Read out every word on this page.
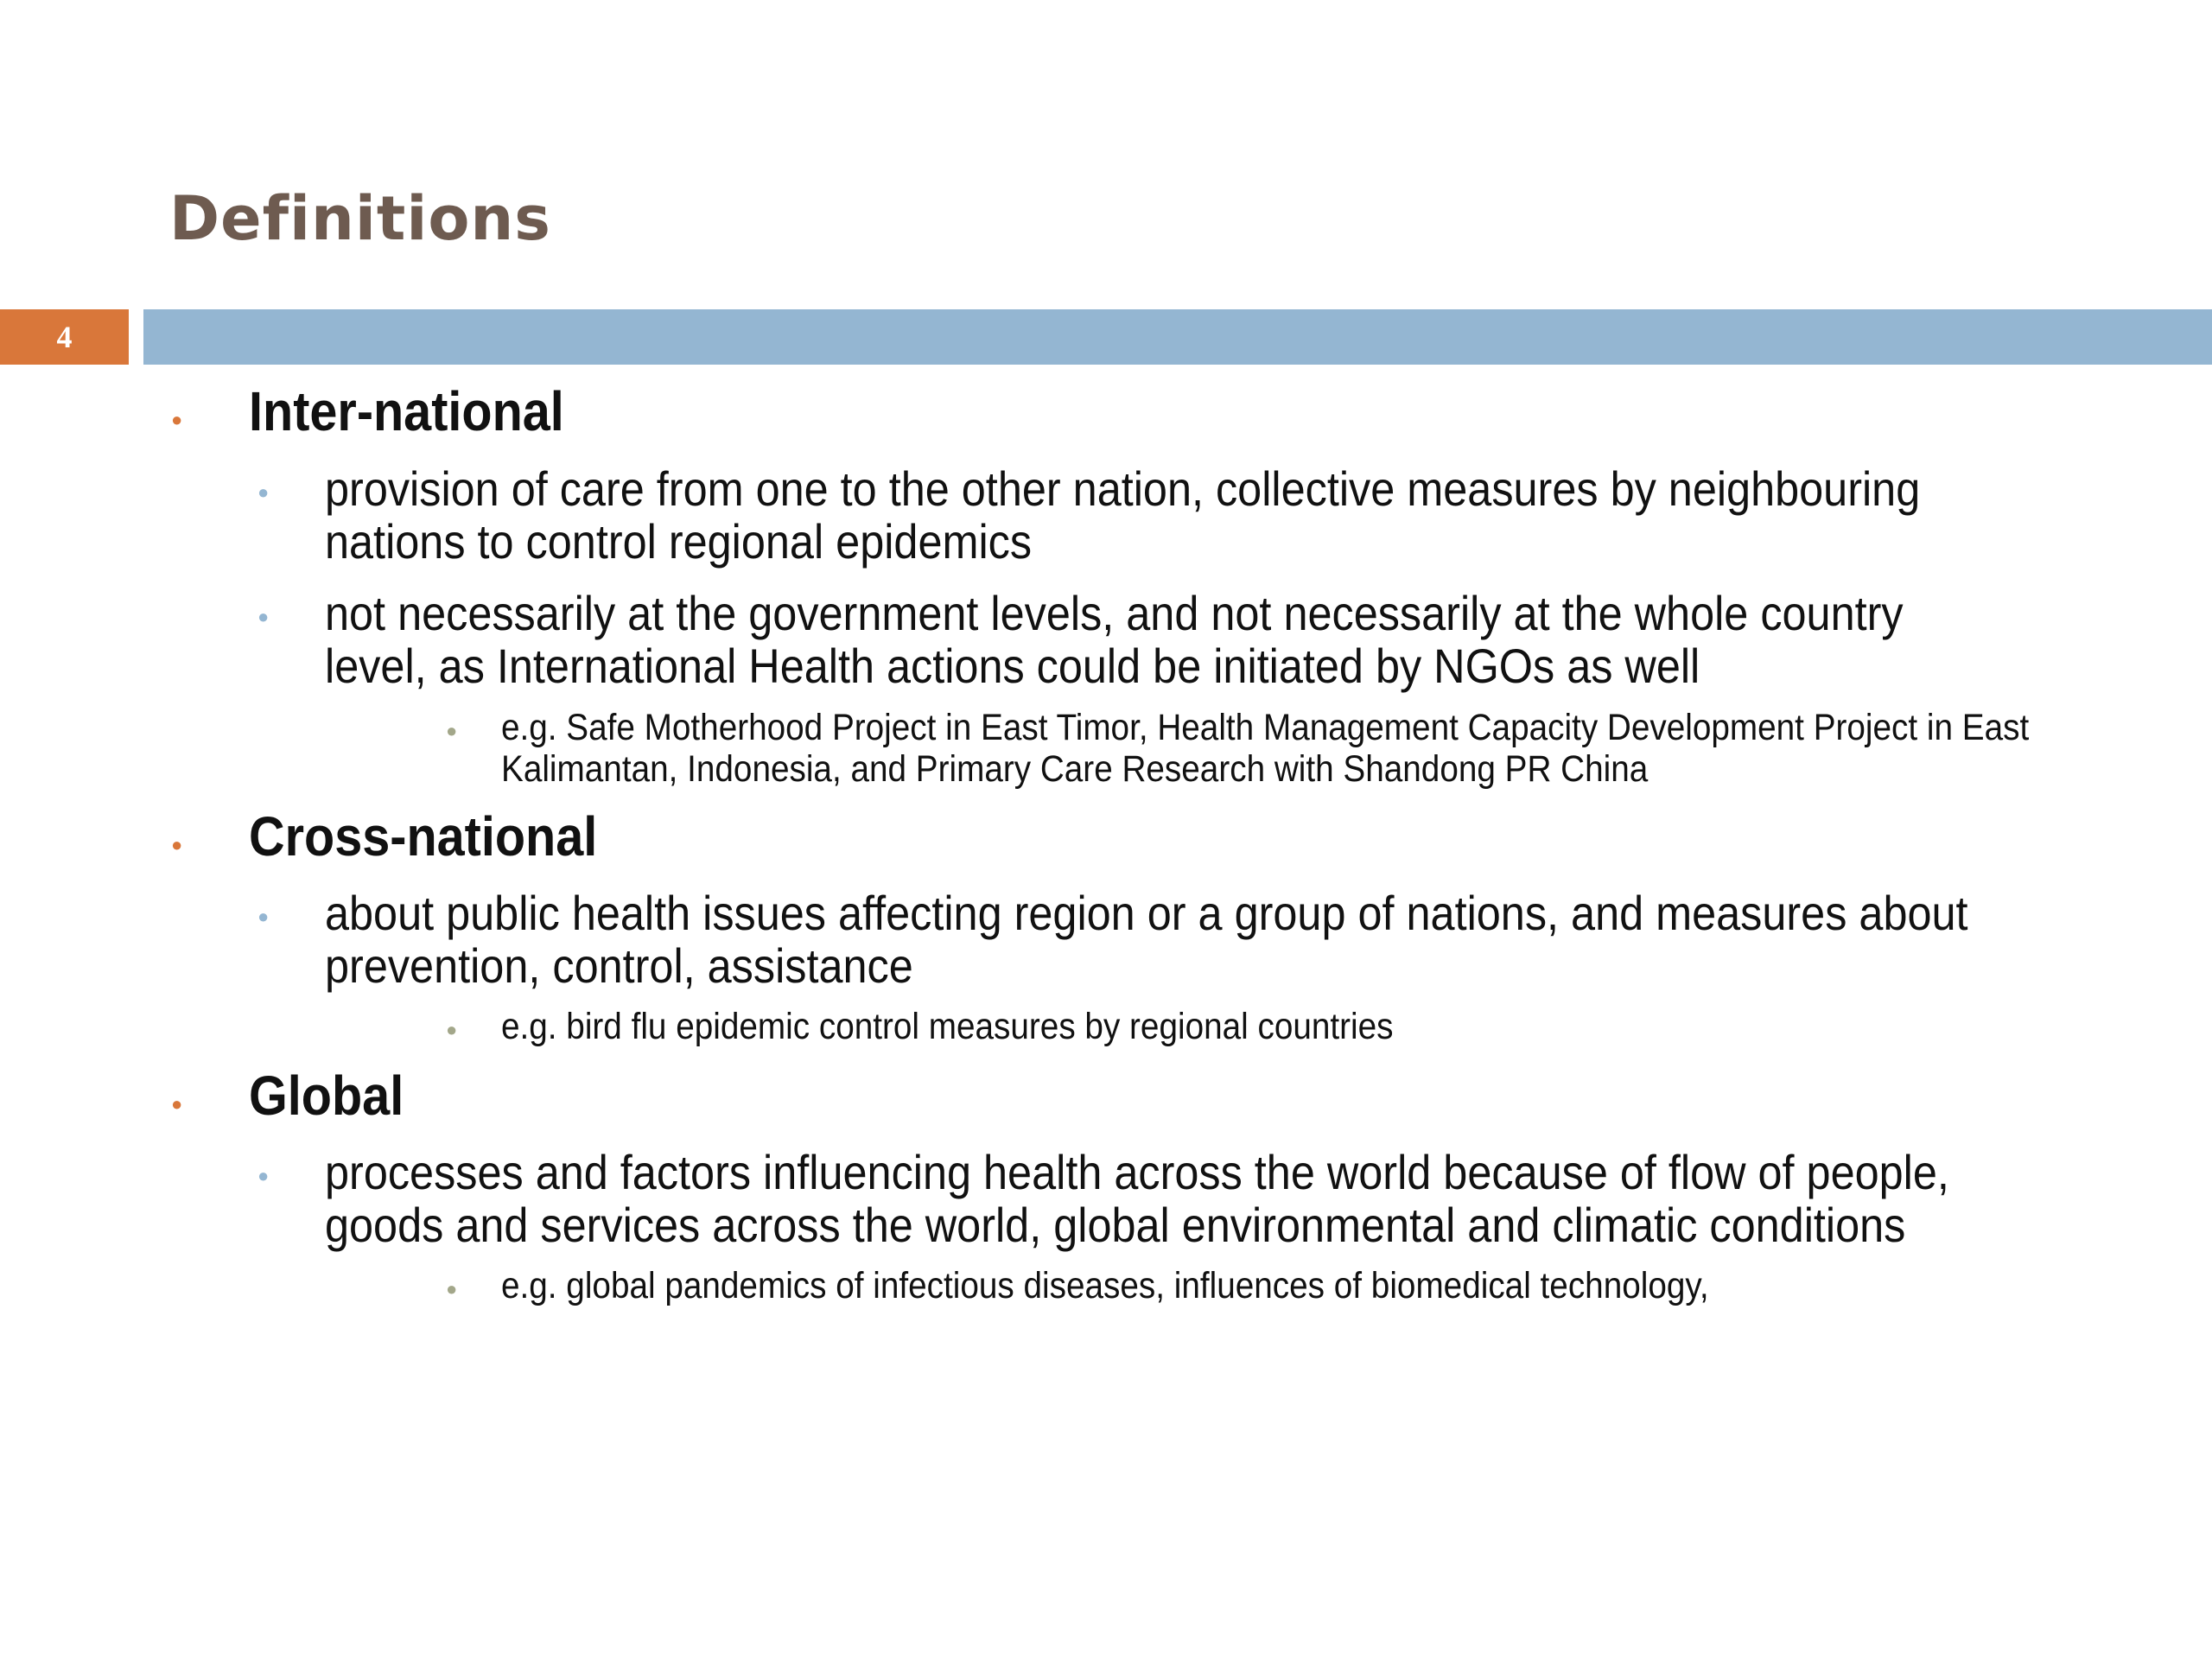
Definitions
4
● Inter-national
● provision of care from one to the other nation, collective measures by neighbouring nations to control regional epidemics
● not necessarily at the government levels, and not necessarily at the whole country level, as International Health actions could be initiated by NGOs as well
● e.g. Safe Motherhood Project in East Timor, Health Management Capacity Development Project in East Kalimantan, Indonesia, and Primary Care Research with Shandong PR China
● Cross-national
● about public health issues affecting region or a group of nations, and measures about prevention, control, assistance
● e.g. bird flu epidemic control measures by regional countries
● Global
● processes and factors influencing health across the world because of flow of people, goods and services across the world, global environmental and climatic conditions
● e.g. global pandemics of infectious diseases, influences of biomedical technology,
